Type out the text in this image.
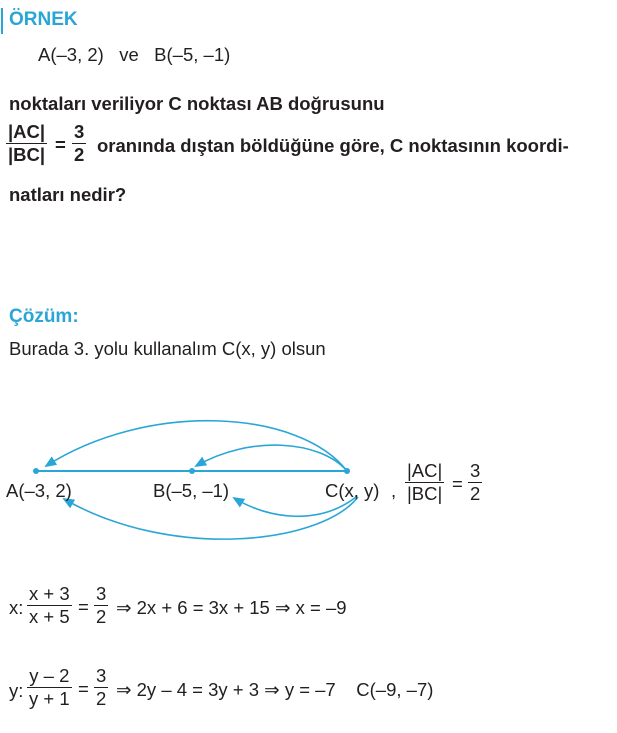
ÖRNEK
A(–3, 2)   ve   B(–5, –1)
noktaları veriliyor C noktası AB doğrusunu
|AC|
|BC| =
3
2 oranında dıştan böldüğüne göre, C noktasının koordi-
natları nedir?
Çözüm:
Burada 3. yolu kullanalım C(x, y) olsun
A(–3, 2)	B(–5, –1)	C(x, y) ,
|AC|
|BC| =
3
2
x:
x + 3
x + 5 =
3
2 ⇒ 2x + 6 = 3x + 15 ⇒ x = –9
y:
y – 2
y + 1 =
3
2 ⇒ 2y – 4 = 3y + 3 ⇒ y = –7    C(–9, –7)
